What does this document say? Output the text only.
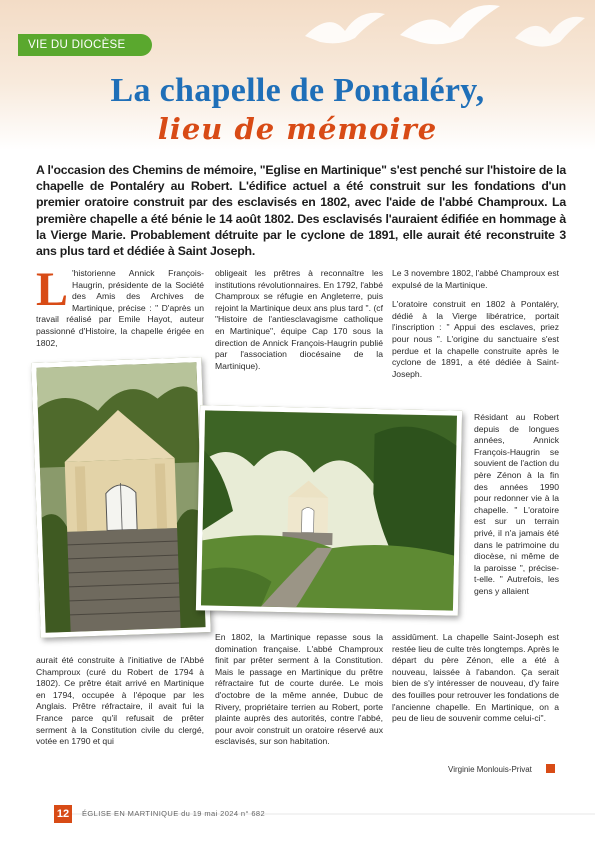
VIE DU DIOCÈSE
La chapelle de Pontaléry,
lieu de mémoire

A l'occasion des Chemins de mémoire, "Eglise en Martinique" s'est penché sur l'histoire de la chapelle de Pontaléry au Robert. L'édifice actuel a été construit sur les fondations d'un premier oratoire construit par des esclavisés en 1802, avec l'aide de l'abbé Champroux. La première chapelle a été bénie le 14 août 1802. Des esclavisés l'auraient édifiée en hommage à la Vierge Marie. Probablement détruite par le cyclone de 1891, elle aurait été reconstruite 3 ans plus tard et dédiée à Saint Joseph.

L 'historienne Annick François-Haugrin, présidente de la Société des Amis des Archives de Martinique, précise : " D'après un travail réalisé par Emile Hayot, auteur passionné d'Histoire, la chapelle érigée en 1802,

obligeait les prêtres à reconnaître les institutions révolutionnaires. En 1792, l'abbé Champroux se réfugie en Angleterre, puis rejoint la Martinique deux ans plus tard ". (cf "Histoire de l'antiesclavagisme catholique en Martinique", équipe Cap 170 sous la direction de Annick François-Haugrin publié par l'association diocésaine de la Martinique).

Le 3 novembre 1802, l'abbé Champroux est expulsé de la Martinique.

L'oratoire construit en 1802 à Pontaléry, dédié à la Vierge libératrice, portait l'inscription : " Appui des esclaves, priez pour nous ". L'origine du sanctuaire s'est perdue et la chapelle construite après le cyclone de 1891, a été dédiée à Saint-Joseph.

Résidant au Robert depuis de longues années, Annick François-Haugrin se souvient de l'action du père Zénon à la fin des années 1990 pour redonner vie à la chapelle. " L'oratoire est sur un terrain privé, il n'a jamais été dans le patrimoine du diocèse, ni même de la paroisse ", précise-t-elle. " Autrefois, les gens y allaient

assidûment. La chapelle Saint-Joseph est restée lieu de culte très longtemps. Après le départ du père Zénon, elle a été à nouveau, laissée à l'abandon. Ça serait bien de s'y intéresser de nouveau, d'y faire des fouilles pour retrouver les fondations de l'ancienne chapelle. En Martinique, on a peu de lieu de souvenir comme celui-ci".

aurait été construite à l'initiative de l'Abbé Champroux (curé du Robert de 1794 à 1802). Ce prêtre était arrivé en Martinique en 1794, occupée à l'époque par les Anglais. Prêtre réfractaire, il avait fui la France parce qu'il refusait de prêter serment à la Constitution civile du clergé, votée en 1790 et qui

En 1802, la Martinique repasse sous la domination française. L'abbé Champroux finit par prêter serment à la Constitution. Mais le passage en Martinique du prêtre réfractaire fut de courte durée. Le mois d'octobre de la même année, Dubuc de Rivery, propriétaire terrien au Robert, porte plainte auprès des autorités, contre l'abbé, pour avoir construit un oratoire réservé aux esclavisés, sur son habitation.

Virginie Monlouis-Privat
12	ÉGLISE EN MARTINIQUE du 19 mai 2024 n° 682
